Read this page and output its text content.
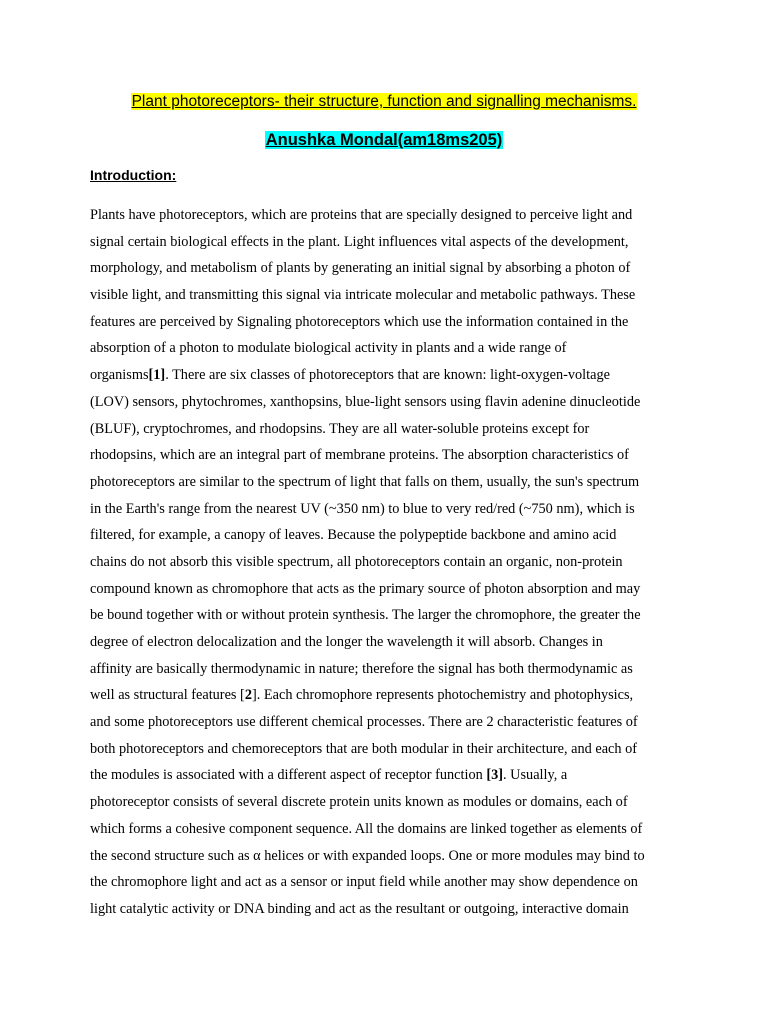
Plant photoreceptors- their structure, function and signalling mechanisms.
Anushka Mondal(am18ms205)
Introduction:
Plants have photoreceptors, which are proteins that are specially designed to perceive light and
signal certain biological effects in the plant. Light influences vital aspects of the development,
morphology, and metabolism of plants by generating an initial signal by absorbing a photon of
visible light, and transmitting this signal via intricate molecular and metabolic pathways. These
features are perceived by Signaling photoreceptors which use the information contained in the
absorption of a photon to modulate biological activity in plants and a wide range of
organisms[1]. There are six classes of photoreceptors that are known: light-oxygen-voltage
(LOV) sensors, phytochromes, xanthopsins, blue-light sensors using flavin adenine dinucleotide
(BLUF), cryptochromes, and rhodopsins. They are all water-soluble proteins except for
rhodopsins, which are an integral part of membrane proteins. The absorption characteristics of
photoreceptors are similar to the spectrum of light that falls on them, usually, the sun's spectrum
in the Earth's range from the nearest UV (~350 nm) to blue to very red/red (~750 nm), which is
filtered, for example, a canopy of leaves. Because the polypeptide backbone and amino acid
chains do not absorb this visible spectrum, all photoreceptors contain an organic, non-protein
compound known as chromophore that acts as the primary source of photon absorption and may
be bound together with or without protein synthesis. The larger the chromophore, the greater the
degree of electron delocalization and the longer the wavelength it will absorb. Changes in
affinity are basically thermodynamic in nature; therefore the signal has both thermodynamic as
well as structural features [2]. Each chromophore represents photochemistry and photophysics,
and some photoreceptors use different chemical processes. There are 2 characteristic features of
both photoreceptors and chemoreceptors that are both modular in their architecture, and each of
the modules is associated with a different aspect of receptor function [3]. Usually, a
photoreceptor consists of several discrete protein units known as modules or domains, each of
which forms a cohesive component sequence. All the domains are linked together as elements of
the second structure such as α helices or with expanded loops. One or more modules may bind to
the chromophore light and act as a sensor or input field while another may show dependence on
light catalytic activity or DNA binding and act as the resultant or outgoing, interactive domain
